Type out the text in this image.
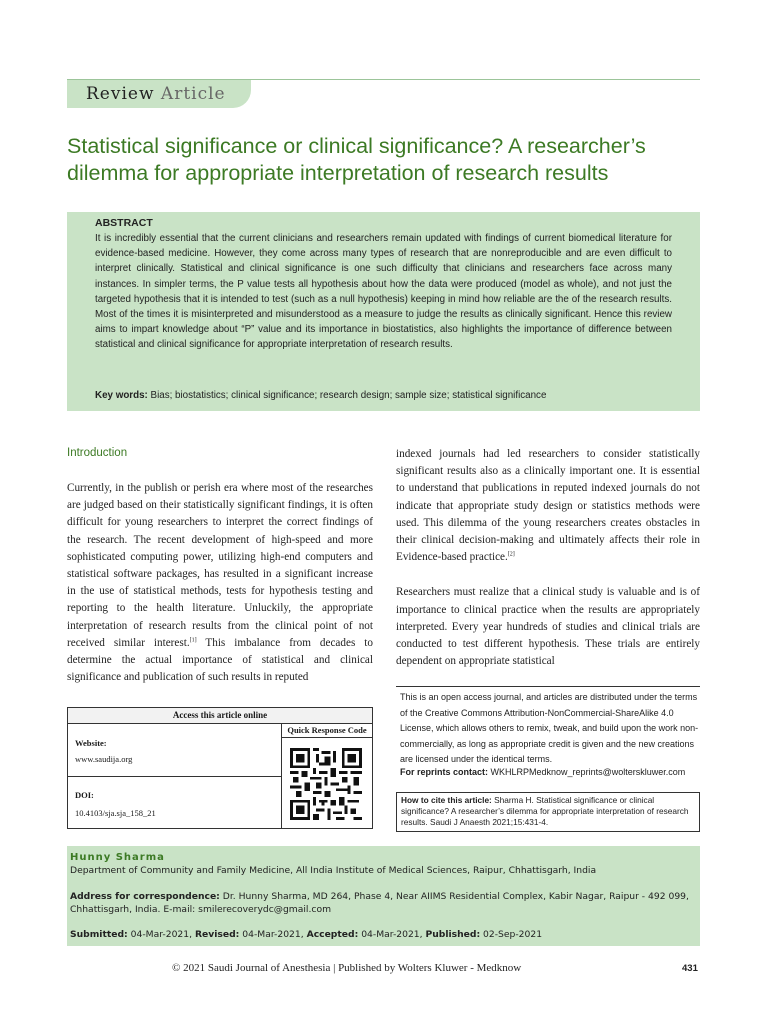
Review Article
Statistical significance or clinical significance? A researcher’s dilemma for appropriate interpretation of research results
ABSTRACT
It is incredibly essential that the current clinicians and researchers remain updated with findings of current biomedical literature for evidence-based medicine. However, they come across many types of research that are nonreproducible and are even difficult to interpret clinically. Statistical and clinical significance is one such difficulty that clinicians and researchers face across many instances. In simpler terms, the P value tests all hypothesis about how the data were produced (model as whole), and not just the targeted hypothesis that it is intended to test (such as a null hypothesis) keeping in mind how reliable are the of the research results. Most of the times it is misinterpreted and misunderstood as a measure to judge the results as clinically significant. Hence this review aims to impart knowledge about “P” value and its importance in biostatistics, also highlights the importance of difference between statistical and clinical significance for appropriate interpretation of research results.
Key words: Bias; biostatistics; clinical significance; research design; sample size; statistical significance
Introduction
Currently, in the publish or perish era where most of the researches are judged based on their statistically significant findings, it is often difficult for young researchers to interpret the correct findings of the research. The recent development of high-speed and more sophisticated computing power, utilizing high-end computers and statistical software packages, has resulted in a significant increase in the use of statistical methods, tests for hypothesis testing and reporting to the health literature. Unluckily, the appropriate interpretation of research results from the clinical point of not received similar interest.[1] This imbalance from decades to determine the actual importance of statistical and clinical significance and publication of such results in reputed
indexed journals had led researchers to consider statistically significant results also as a clinically important one. It is essential to understand that publications in reputed indexed journals do not indicate that appropriate study design or statistics methods were used. This dilemma of the young researchers creates obstacles in their clinical decision-making and ultimately affects their role in Evidence-based practice.[2]
Researchers must realize that a clinical study is valuable and is of importance to clinical practice when the results are appropriately interpreted. Every year hundreds of studies and clinical trials are conducted to test different hypothesis. These trials are entirely dependent on appropriate statistical
Access this article online
Website:
www.saudija.org
DOI:
10.4103/sja.sja_158_21
Quick Response Code
This is an open access journal, and articles are distributed under the terms of the Creative Commons Attribution-NonCommercial-ShareAlike 4.0 License, which allows others to remix, tweak, and build upon the work non-commercially, as long as appropriate credit is given and the new creations are licensed under the identical terms.
For reprints contact: WKHLRPMedknow_reprints@wolterskluwer.com
How to cite this article: Sharma H. Statistical significance or clinical significance? A researcher’s dilemma for appropriate interpretation of research results. Saudi J Anaesth 2021;15:431-4.
Hunny Sharma
Department of Community and Family Medicine, All India Institute of Medical Sciences, Raipur, Chhattisgarh, India
Address for correspondence: Dr. Hunny Sharma, MD 264, Phase 4, Near AIIMS Residential Complex, Kabir Nagar, Raipur - 492 099, Chhattisgarh, India. E-mail: smilerecoverydc@gmail.com
Submitted: 04-Mar-2021, Revised: 04-Mar-2021, Accepted: 04-Mar-2021, Published: 02-Sep-2021
© 2021 Saudi Journal of Anesthesia | Published by Wolters Kluwer - Medknow	431
